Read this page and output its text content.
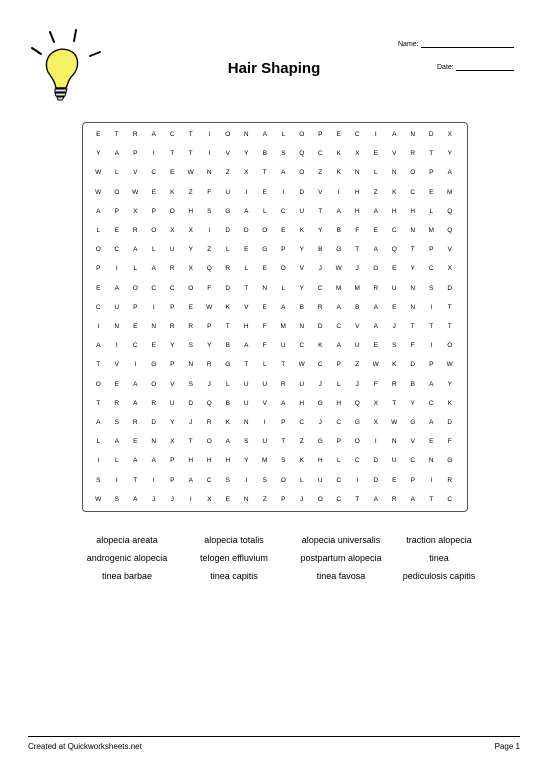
Hair Shaping
Name:
Date:
E	T	R	A	C	T	I	O	N	A	L	O	P	E	C	I	A	N	D	X
Y	A	P	I	T	T	I	V	Y	B	S	Q	C	K	X	E	V	R	T	Y
W	L	V	C	E	W	N	Z	X	T	A	O	Z	K	N	L	N	O	P	A
W	O	W	E	K	Z	F	U	I	E	I	D	V	I	H	Z	K	C	E	M
A	P	X	P	O	H	S	G	A	L	C	U	T	A	H	A	H	H	L	Q
L	E	R	O	X	X	I	D	D	O	E	K	Y	B	F	E	C	N	M	Q
O	C	A	L	U	Y	Z	L	E	G	P	Y	B	G	T	A	Q	T	P	V
P	I	L	A	R	X	Q	R	L	E	O	V	J	W	J	O	E	Y	C	X
E	A	O	C	C	O	F	D	T	N	L	Y	C	M	M	R	U	N	S	D
C	U	P	I	P	E	W	K	V	E	A	B	R	A	B	A	E	N	I	T
I	N	E	N	R	R	P	T	H	F	M	N	D	C	V	A	J	T	T	T
A	I	C	E	Y	S	Y	B	A	F	U	C	K	A	U	E	S	F	I	O
T	V	I	G	P	N	R	G	T	L	T	W	C	P	Z	W	K	D	P	W
O	E	A	O	V	S	J	L	U	U	R	U	J	L	J	F	R	B	A	Y
T	R	A	R	U	D	Q	B	U	V	A	H	G	H	Q	X	T	Y	C	K
A	S	R	D	Y	J	R	K	N	I	P	C	J	C	G	X	W	G	A	D
L	A	E	N	X	T	O	A	S	U	T	Z	G	P	O	I	N	V	E	F
I	L	A	A	P	H	H	H	Y	M	S	K	H	L	C	D	U	C	N	G
S	I	T	I	P	A	C	S	I	S	O	L	U	C	I	D	E	P	I	R
W	S	A	J	J	I	X	E	N	Z	P	J	O	C	T	A	R	A	T	C
alopecia areata	alopecia totalis	alopecia universalis	traction alopecia
androgenic alopecia	telogen effluvium	postpartum alopecia	tinea
tinea barbae	tinea capitis	tinea favosa	pediculosis capitis
Created at Quickworksheets.net	Page 1
